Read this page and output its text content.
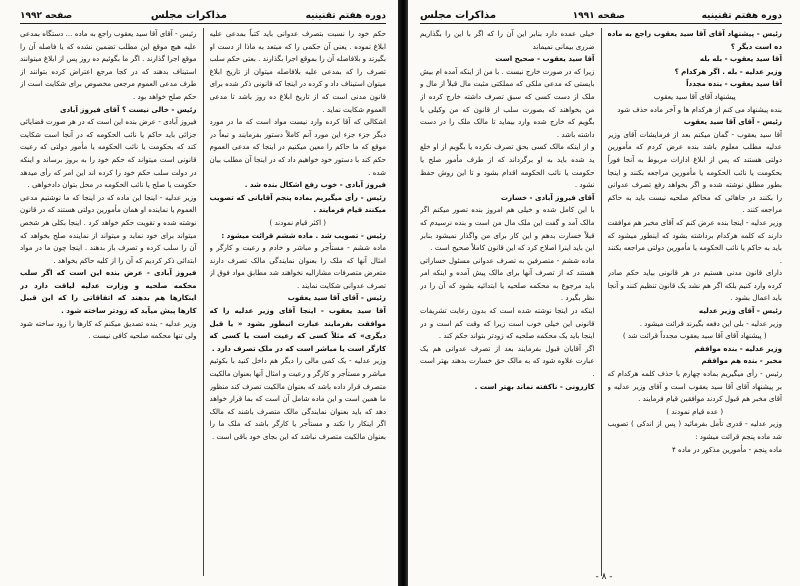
دوره هفتم تقنینیه
مذاکرات مجلس
صفحه ۱۹۹۲

حکم خود را نسبت بتصرف عدوانی باید کتباً بمدعی علیه ابلاغ نموده . یعنی آن حکمی را که مبتعد به ماذا از دست او بگیرند و بلافاصله آن را بموقع اجرا بگذارند . بعتی حکم سلب تصرف را که بمدعی علیه بلافاصله میتوان از تاریخ ابلاغ میتوان استیناف داد و کرده در اینجا که قانونی ذکر شده برای قانون مدنی است که از تاریخ ابلاغ ده روز باشد تا مدعی العموم شکایت نماید .

اشکالی که آقا کرده وارد نیست مواد است که ما در مورد دیگر جزء جزء این مورد آنم کاملاً دستور بفرمایند و تبعاً در موقع که ما حاکم را معین میکنیم در اینجا که مدعی العموم حکم کند با دستور خود خواهیم داد که در اینجا آن مطلب بیان شده .

فیروز آبادی - خوب رفع اشکال بنده شد .

رئیس - رأی میگیریم بماده پنجم آقایانی که تصویب میکنند قیام فرمایند .

( اکثر قیام نمودند )

رئیس - تصویب شد . ماده ششم قرائت میشود :

ماده ششم - مستأجر و مباشر و خادم و رعیت و کارگر و امثال آنها که ملک را بعنوان نمایندگی مالک تصرف دارند متعرض متصرفات مشارالیه نخواهند شد مطابق مواد فوق از تصرف عدوانی شکایت نمایند .

رئیس - آقای آقا سید یعقوب

آقا سید یعقوب - اینجا آقای وزیر عدلیه را که موافقت بفرمایند عبارت انبطور بشود « یا قبل دیگری» که مثلاً کسی که رعیت است یا کسی که کارگر است یا مباشر است که در ملک تصرف دارد .

وزیر عدلیه - یک کمی مالی را دیگر هم داخل کنید با بکوئیم مباشر و مستأجر و کارگر و رعیت و امثال آنها بعنوان مالکیت متصرف قرار داده باشد که بعنوان مالکیت تصرف کند منظور ما همین است و این ماده شامل آن است که بما قرار خواهد دهد که باید بعنوان نمایندگی مالک متصرف باشند که مالک اگر اینکار را نکند و مستأجر یا کارگر باشد که ملک ما را بعنوان مالکیت متصرف نباشد که این بجای خود باقی است .

رئیس - آقای آقا سید یعقوب راجع به ماده ... دستگاه بمدعی علیه هیچ موقع این مطلب تضمین نشده که یا فاصله آن را موقع اجرا گذارند . اگر ما بگوئیم ده روز پس از ابلاغ میتوانند استیناف بدهند که در کجا مرجع اعتراض کرده بتوانند از طرف مدعی العموم مرجعی مخصوص برای شکایت است از حکم صلح خواهد بود .

رئیس - خالی نیست ؟ آقای فیروز آبادی

فیروز آبادی - عرض بنده این است که در هر صورت قضایائی جزائی باید حاکم یا نائب الحکومه که در آنجا است شکایت کند که بحکومت یا نائب الحکومه یا مأمور دولتی که رعیت قانونی است میتواند که حکم خود را به بروز برساند و اینکه در دولت سلب حکم خود را کرده اند این امر که رأی میدهد حکومت یا صلح یا نائب الحکومه در محل بتوان دادخواهی .

وزیر عدلیه - اینجا این ماده که در اینجا که ما نوشتیم مدعی العموم یا نماینده او همان مأمورین دولتی هستند که در قانون نوشته شده و تقویت حکم خواهد کرد . اینجا بکلی هر شخص میتواند برای خود نماید و میتواند از نماینده صلح بخواهد که آن را سلب کرده و تصرف باز بدهند . اینجا چون ما در مواد ابتدائی ذکر کردیم که آن را از کلیه حاکم بخواهد .

فیروز آبادی - عرض بنده این است که اگر سلب محکمه صلحیه و وزارت عدلیه لیاقت دارد در اینکارها هم بدهند که اتفاقاتی را که این قبیل کارها پیش میآید که زودتر ساخته شود .

وزیر عدلیه - بنده تصدیق میکنم که کارها را زود ساخته شود ولی تنها محکمه صلحیه کافی نیست .

دوره هفتم تقنینیه
صفحه ۱۹۹۱
مذاکرات مجلس

رئیس - پیشنهاد آقای آقا سید یعقوب راجع به ماده ده است دیگر ؟

آقا سید یعقوب - بله بله

وزیر عدلیه - بله . اگر هرکدام ؟

آقا سید یعقوب - بنده مجدداً

پیشنهاد آقای آقا سید یعقوب

بنده پیشنهاد می کنم از هرکدام ها و آخر ماده حذف شود

رئیس - آقای آقا سید یعقوب

آقا سید یعقوب - گمان میکنم بعد از فرمایشات آقای وزیر عدلیه مطلب معلوم باشد بنده عرض کردم که مأمورین دولتی هستند که پس از ابلاغ ادارات مربوط به آنجا فوراً بحکومت یا نائب الحکومه یا مأمورین مراجعه بکنند و اینجا بطور مطلق نوشته شده و اگر بخواهد رفع تصرف عدوانی را بکنند در جاهائی که محاکم صلحیه نیست باید به حاکم مراجعه کنند .

وزیر عدلیه - اینجا بنده عرض کنم که آقای مخبر هم موافقت دارند که کلمه هرکدام برداشته بشود که اینطور میشود که باید به حاکم یا نائب الحکومه یا مأمورین دولتی مراجعه بکنند .

دارای قانون مدنی هستیم در هر قانونی بیاید حکم صادر کرده وارد کنیم بلکه اگر هم نشد یک قانون تنظیم کنند و آنجا باید اعمال بشود .

رئیس - آقای وزیر عدلیه

وزیر عدلیه - بلی این دفعه بگیرند قرائت میشود .

( پیشنهاد آقای آقا سید یعقوب مجدداً قرائت شد )

وزیر عدلیه - بنده موافقم

مخبر - بنده هم موافقم

رئیس - رأی میگیریم بماده چهارم با حذف کلمه هرکدام که بر پیشنهاد آقای آقا سید یعقوب است و آقای وزیر عدلیه و آقای مخبر هم قبول کردند موافقین قیام فرمایند .

( عده قیام نمودند )

وزیر عدلیه - قدری تأمل بفرمائید ( پس از اندکی ) تصویب شد ماده پنجم قرائت میشود :

ماده پنجم - مأمورین مذکور در ماده ۴

خیلی عمده دارد بنابر این آن را که اگر با این را بگذاریم ضرری بیمانی نمیماند

آقا سید یعقوب - صحیح است

زیرا که در صورت خارج نیست . با من از اینکه آمده ام بیش بایستی که مدعی ملکی که مملکتی مثبت مال قبلاً از مال و ملک از دست کسی که سبق تصرف داشته خارج کرده از من بخواهند که بصورت سلب از قانون که من وکیلی یا بگویم که خارج شده وارد بیماید تا مالک ملک را در دست داشته باشد .

و از اینکه مالک کسی بحق تصرف نکرده یا بگویم از او خلع ید شده باید به او برگرداند که از طرف مأمور صلح یا حکومت یا نائب الحکومه اقدام بشود و تا این روش حفظ نشود .

آقای فیروز آبادی - خسارت

با این کامل شده و خیلی هم امروز بنده تصور میکنم اگر مالک آمد و گفت این ملک مال من است و بنده نرسیدم که قبلاً خسارت بدهم و این کار برای من واگذار نمیشود بنابر این باید اینرا اصلاح کرد که این قانون کاملاً صحیح است .

ماده ششم - متصرفین به تصرف عدوانی مسئول خساراتی هستند که از تصرف آنها برای مالک پیش آمده و اینکه امر باید مرجوع به محکمه صلحیه یا ابتدائیه بشود که آن را در نظر بگیرد .

اینکه در اینجا نوشته شده است که بدون رعایت تشریفات قانونی این خیلی خوب است زیرا که وقت کم است و در اینجا باید یک محکمه صلحیه که زودتر بتواند حکم کند .

اگر آقایان قبول بفرمایند بعد از تصرف عدوانی هم یک عبارت علاوه شود که به مالک حق خسارت بدهند بهتر است .

کازرونی - ناکفته نماند بهتر است .

- ۸ -
